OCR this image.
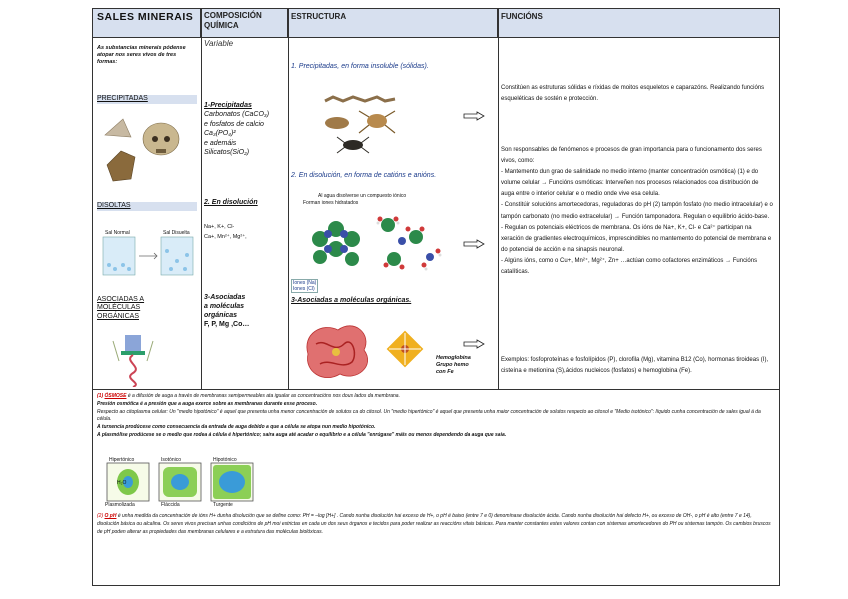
SALES MINERAIS	COMPOSICIÓN QUÍMICA
ESTRUCTURA	FUNCIÓNS
As substancias minerais pódense atopar nos seres vivos de tres formas:
PRECIPITADAS
DISOLTAS
Sal Normal	Sal Disuelta
ASOCIADAS A MOLÉCULAS ORGÁNICAS
Variable
1-Precipitadas
Carbonatos (CaCO₃)
e fosfatos de calcio
Ca₃(PO₄)²
e ademáis
Silicatos(SiO₂)
2. En disolución
Na+, K+, Cl-
Ca+, Mn²⁺, Mg²⁺,
3-Asociadas
a moléculas
orgánicas
F, P, Mg ,Co…
1. Precipitadas, en forma insoluble (sólidas).
2. En disolución, en forma de catións e anións.
Al agua disolverse un compuesto iónico
Forman iones hidratados
Iones (Na)
Iones (Cl)
3-Asociadas a moléculas orgánicas.
Hemoglobina
Grupo hemo
con Fe
Constitúen as estruturas sólidas e ríxidas de moitos esqueletos e caparazóns. Realizando funcións esqueléticas de sostén e protección.
Son responsables de fenómenos e procesos de gran importancia para o funcionamento dos seres vivos, como:
- Mantemento dun grao de salinidade no medio interno (manter concentración osmótica) (1) e do volume celular → Funcións osmóticas: Interveñen nos procesos relacionados coa distribución de auga entre o interior celular e o medio onde vive esa celula.
- Constitúir solucións amortecedoras, reguladoras do pH (2) tampón fosfato (no medio intracelular) e o tampón carbonato (no medio extracelular) → Función tamponadora. Regulan o equilibrio ácido-base.
- Regulan os potenciais eléctricos de membrana. Os ións de Na+, K+, Cl- e Ca²⁺ participan na xeración de gradientes electroquímicos, imprescindibles no mantemento do potencial de membrana e do potencial de acción e na sinapsis neuronal.
- Algúns ións, como o Cu+, Mn²⁺, Mg²⁺, Zn+ …actúan como cofactores enzimáticos → Funcións catalíticas.
Exemplos: fosfoproteínas e fosfolípidos (P), clorofila (Mg), vitamina B12 (Co), hormonas tiroideas (I), cisteína e metionina (S),ácidos nucleicos (fosfatos) e hemoglobina (Fe).
(1) ÓSMOSE é a difusión de auga a través de membranas semipermeables ata igualar as concentracións nos dous lados da membrana.
Presión osmótica é a presión que a auga exerce sobre as membranas durante esse proceso.
Respecto ao citoplasma celular: Un "medio hipotónico" é aquel que presenta unha menor concentración de solutos ca do citosol. Un "medio hipertónico" é aquel que presenta unha maior concentración de solutos respecto ao citosol e "Medio isotónico": líquido cunha concentración de sales igual á da célula.
A turxencia prodúcese como consecuencia da entrada de auga debido a que a célula se atopa nun medio hipotónico.
A plasmólise prodúcese se o medio que rodea á célula é hipertónico; saíra auga até acadar o equilibrio e a célula "enrúgase" máis ou menos dependendo da auga que saia.
Hipertónico	Isotónico	Hipotónico
H₂O
Plasmolizada	Fláccida	Turgente
(2) O pH é unha medida da concentración de ións H+ dunha disolución que se define como: PH = –log [H+] . Cando nunha disolución hai exceso de H+, o pH é baixo (entre 7 e 0) denomínase disolución ácida. Cando nunha disolución hai defecto H+, ou exceso de OH-, o pH é alto (entre 7 e 14), disolución básica ou alcalina. Os seres vivos precisan unhas condicións de pH moi estrictas en cada un dos seus órganos e tecidos para poder realizar as reaccións vitais básicas. Para manter constantes estes valores contan con sistemas amortecedores do PH ou sistemas tampón. Os cambios bruscos de pH poden alterar as propiedades das membranas celulares e a estrutura das moléculas biolóxicas.
